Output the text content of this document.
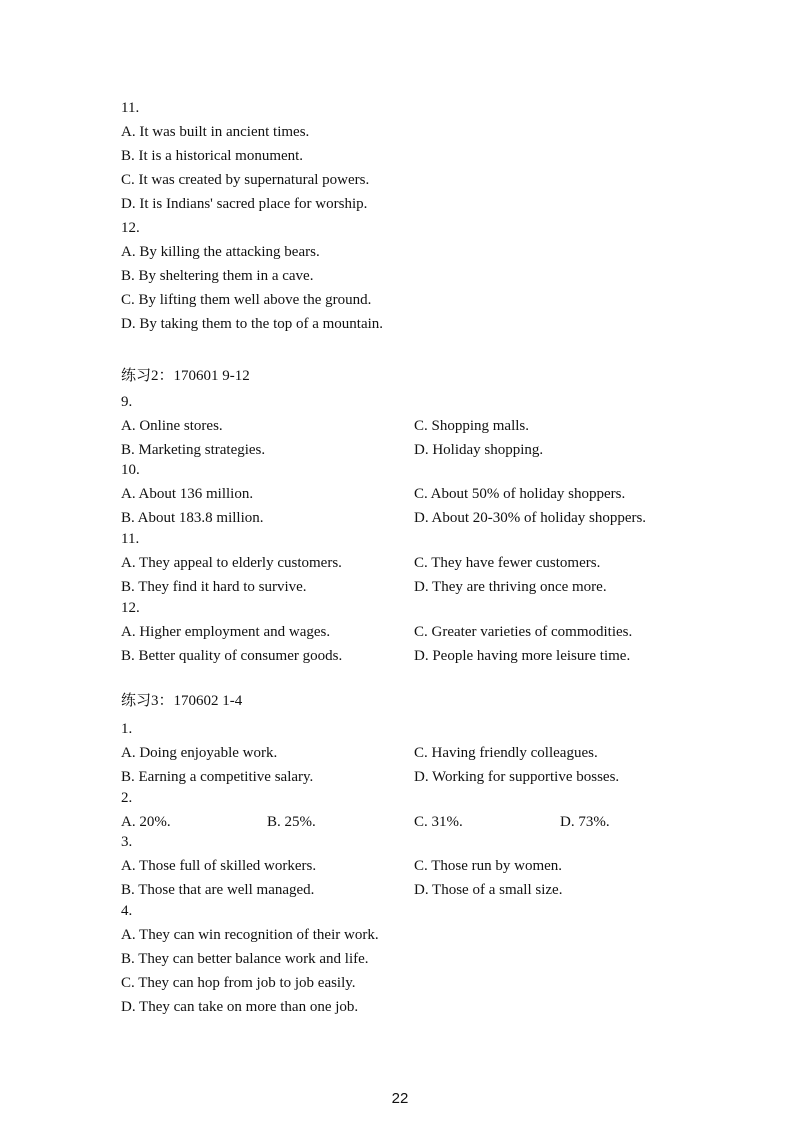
11.
A. It was built in ancient times.
B. It is a historical monument.
C. It was created by supernatural powers.
D. It is Indians' sacred place for worship.
12.
A. By killing the attacking bears.
B. By sheltering them in a cave.
C. By lifting them well above the ground.
D. By taking them to the top of a mountain.
练习2：170601 9-12
9.
A. Online stores.	C. Shopping malls.
B. Marketing strategies.	D. Holiday shopping.
10.
A. About 136 million.	C. About 50% of holiday shoppers.
B. About 183.8 million.	D. About 20-30% of holiday shoppers.
11.
A. They appeal to elderly customers.	C. They have fewer customers.
B. They find it hard to survive.	D. They are thriving once more.
12.
A. Higher employment and wages.	C. Greater varieties of commodities.
B. Better quality of consumer goods.	D. People having more leisure time.
练习3：170602 1-4
1.
A. Doing enjoyable work.	C. Having friendly colleagues.
B. Earning a competitive salary.	D. Working for supportive bosses.
2.
A. 20%.	B. 25%.	C. 31%.	D. 73%.
3.
A. Those full of skilled workers.	C. Those run by women.
B. Those that are well managed.	D. Those of a small size.
4.
A. They can win recognition of their work.
B. They can better balance work and life.
C. They can hop from job to job easily.
D. They can take on more than one job.
22
